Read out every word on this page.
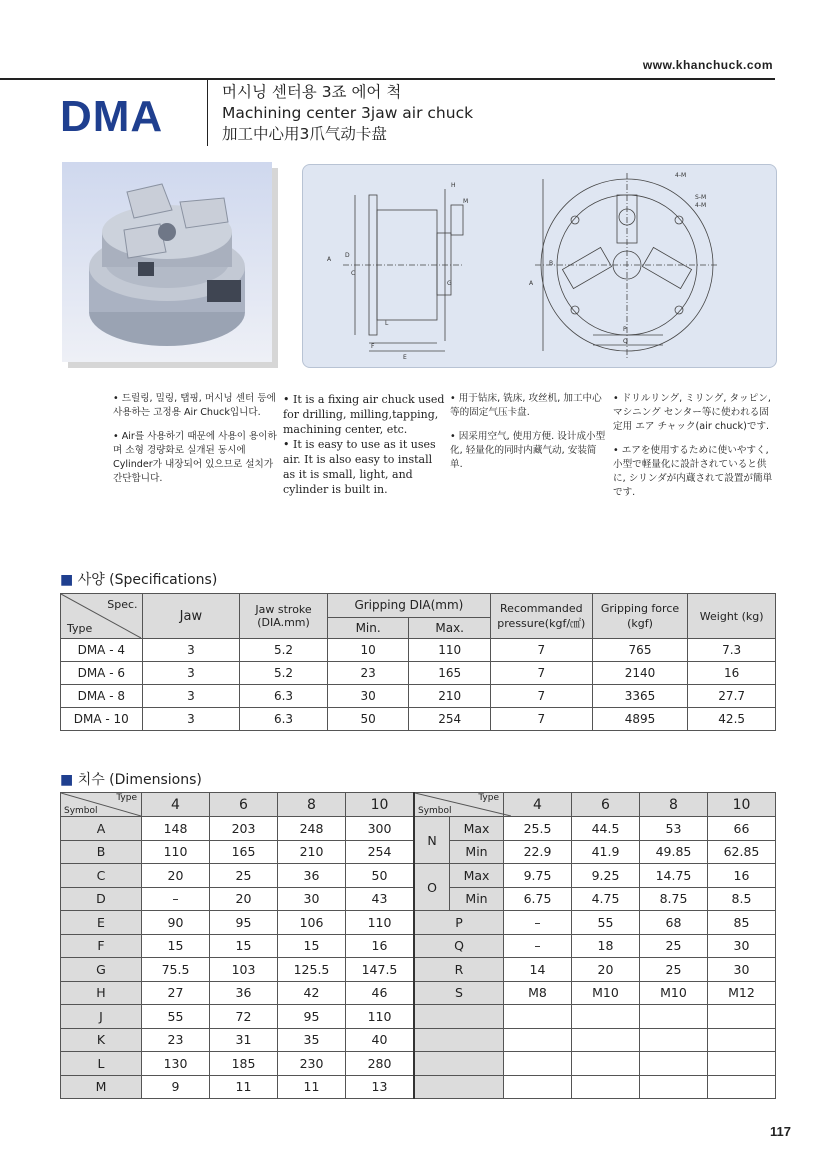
www.khanchuck.com
DMA	머시닝 센터용 3죠 에어 척
Machining center 3jaw air chuck
加工中心用3爪气动卡盘
H
M
G
D
C
A
F
E
L
4-M
S-M
4-M
A
B
P
Q

• 드릴링, 밀링, 탭핑, 머시닝 센터 등에 사용하는 고정용 Air Chuck입니다.

• Air를 사용하기 때문에 사용이 용이하며 소형 경량화로 실개된 동시에 Cylinder가 내장되어 있으므로 설치가 간단합니다.

• It is a fixing air chuck used for drilling, milling,tapping, machining center, etc.

• It is easy to use as it uses air. It is also easy to install as it is small, light, and cylinder is built in.

• 用于钻床, 铣床, 攻丝机, 加工中心等的固定气压卡盘.

• 因采用空气, 使用方便. 设计成小型化, 轻量化的同时内藏气动, 安装简单.

• ドリルリング, ミリング, タッピン, マシニング センター等に使われる固定用 エア チャック(air chuck)です.

• エアを使用するために使いやすく, 小型で軽量化に設計されていると供に, シリンダが内蔵されて設置が簡単です.

■ 사양 (Specifications)
Spec.
Type	Jaw	Jaw stroke (DIA.mm)	Gripping DIA(mm)		Recommanded pressure(kgf/㎠)	Gripping force (kgf)	Weight (kg)
			Min.	Max.			
DMA - 4	3	5.2	10	110	7	765	7.3
DMA - 6	3	5.2	23	165	7	2140	16
DMA - 8	3	6.3	30	210	7	3365	27.7
DMA - 10	3	6.3	50	254	7	4895	42.5
■ 치수 (Dimensions)
Type
Symbol	4	6	8	10	Type
Symbol		4	6	8	10
A	148	203	248	300	N	Max	25.5	44.5	53	66
B	110	165	210	254		Min	22.9	41.9	49.85	62.85
C	20	25	36	50	O	Max	9.75	9.25	14.75	16
D	–	20	30	43		Min	6.75	4.75	8.75	8.5
E	90	95	106	110	P		–	55	68	85
F	15	15	15	16	Q		–	18	25	30
G	75.5	103	125.5	147.5	R		14	20	25	30
H	27	36	42	46	S		M8	M10	M10	M12
J	55	72	95	110						
K	23	31	35	40						
L	130	185	230	280						
M	9	11	11	13						
117
